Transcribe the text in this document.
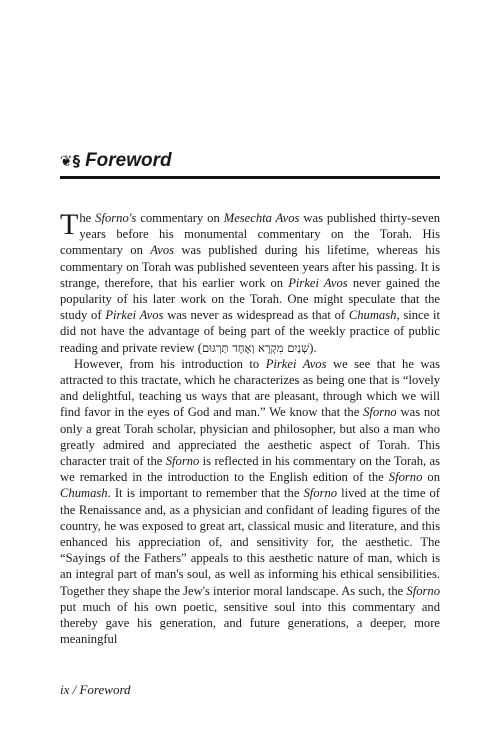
❦§ Foreword

The Sforno's commentary on Mesechta Avos was published thirty-seven years before his monumental commentary on the Torah. His commentary on Avos was published during his lifetime, whereas his commentary on Torah was published seventeen years after his passing. It is strange, therefore, that his earlier work on Pirkei Avos never gained the popularity of his later work on the Torah. One might speculate that the study of Pirkei Avos was never as widespread as that of Chumash, since it did not have the advantage of being part of the weekly practice of public reading and private review (שְׁנַיִם מִקְרָא וְאֶחָד תַּרְגּוּם).

However, from his introduction to Pirkei Avos we see that he was attracted to this tractate, which he characterizes as being one that is “lovely and delightful, teaching us ways that are pleasant, through which we will find favor in the eyes of God and man.” We know that the Sforno was not only a great Torah scholar, physician and philosopher, but also a man who greatly admired and appreciated the aesthetic aspect of Torah. This character trait of the Sforno is reflected in his commentary on the Torah, as we remarked in the introduction to the English edition of the Sforno on Chumash. It is important to remember that the Sforno lived at the time of the Renaissance and, as a physician and confidant of leading figures of the country, he was exposed to great art, classical music and literature, and this enhanced his appreciation of, and sensitivity for, the aesthetic. The “Sayings of the Fathers” appeals to this aesthetic nature of man, which is an integral part of man's soul, as well as informing his ethical sensibilities. Together they shape the Jew's interior moral landscape. As such, the Sforno put much of his own poetic, sensitive soul into this commentary and thereby gave his generation, and future generations, a deeper, more meaningful

ix / Foreword
